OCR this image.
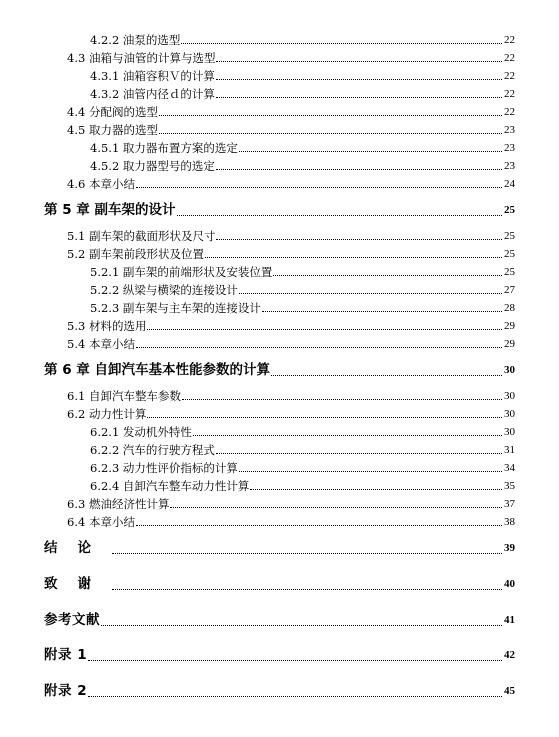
4.2.2 油泵的选型	22
4.3 油箱与油管的计算与选型	22
4.3.1 油箱容积Ｖ的计算	22
4.3.2 油管内径ｄ的计算	22
4.4 分配阀的选型	22
4.5 取力器的选型	23
4.5.1 取力器布置方案的选定	23
4.5.2 取力器型号的选定	23
4.6 本章小结	24
第 5 章 副车架的设计	25
5.1 副车架的截面形状及尺寸	25
5.2 副车架前段形状及位置	25
5.2.1 副车架的前端形状及安装位置	25
5.2.2 纵梁与横梁的连接设计	27
5.2.3 副车架与主车架的连接设计	28
5.3 材料的选用	29
5.4 本章小结	29
第 6 章 自卸汽车基本性能参数的计算	30
6.1 自卸汽车整车参数	30
6.2 动力性计算	30
6.2.1 发动机外特性	30
6.2.2 汽车的行驶方程式	31
6.2.3 动力性评价指标的计算	34
6.2.4 自卸汽车整车动力性计算	35
6.3 燃油经济性计算	37
6.4 本章小结	38
结论	39
致谢	40
参考文献	41
附录 1	42
附录 2	45
